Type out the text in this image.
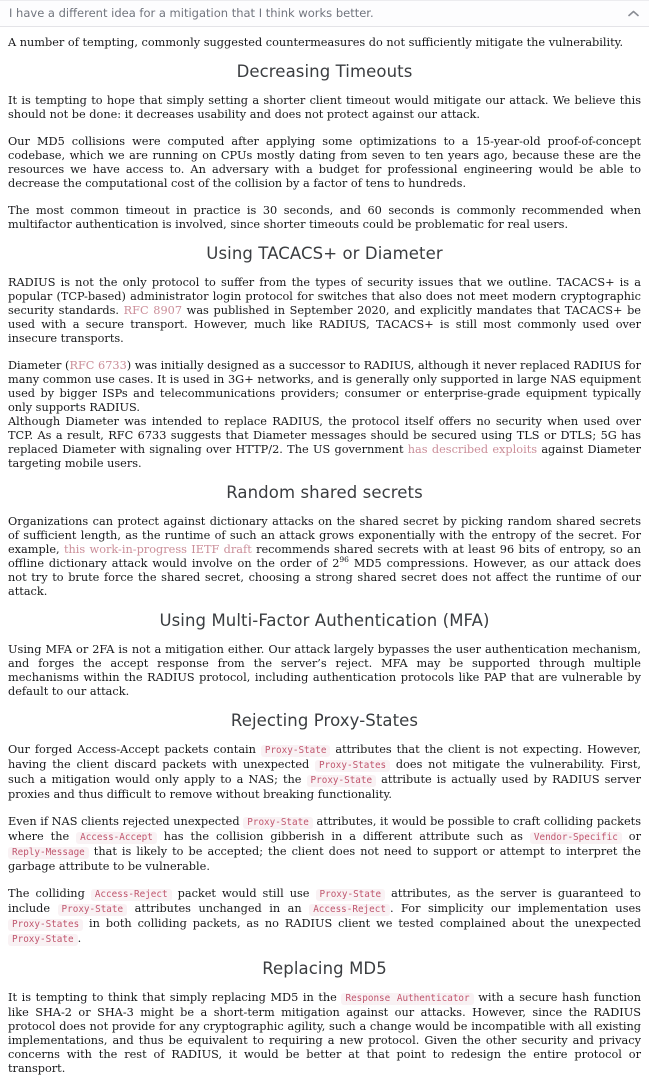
I have a different idea for a mitigation that I think works better.

A number of tempting, commonly suggested countermeasures do not sufficiently mitigate the vulnerability.

Decreasing Timeouts

It is tempting to hope that simply setting a shorter client timeout would mitigate our attack. We believe this should not be done: it decreases usability and does not protect against our attack.

Our MD5 collisions were computed after applying some optimizations to a 15-year-old proof-of-concept codebase, which we are running on CPUs mostly dating from seven to ten years ago, because these are the resources we have access to. An adversary with a budget for professional engineering would be able to decrease the computational cost of the collision by a factor of tens to hundreds.

The most common timeout in practice is 30 seconds, and 60 seconds is commonly recommended when multifactor authentication is involved, since shorter timeouts could be problematic for real users.

Using TACACS+ or Diameter

RADIUS is not the only protocol to suffer from the types of security issues that we outline. TACACS+ is a popular (TCP-based) administrator login protocol for switches that also does not meet modern cryptographic security standards. RFC 8907 was published in September 2020, and explicitly mandates that TACACS+ be used with a secure transport. However, much like RADIUS, TACACS+ is still most commonly used over insecure transports.

Diameter (RFC 6733) was initially designed as a successor to RADIUS, although it never replaced RADIUS for many common use cases. It is used in 3G+ networks, and is generally only supported in large NAS equipment used by bigger ISPs and telecommunications providers; consumer or enterprise-grade equipment typically only supports RADIUS.

Although Diameter was intended to replace RADIUS, the protocol itself offers no security when used over TCP. As a result, RFC 6733 suggests that Diameter messages should be secured using TLS or DTLS; 5G has replaced Diameter with signaling over HTTP/2. The US government has described exploits against Diameter targeting mobile users.

Random shared secrets

Organizations can protect against dictionary attacks on the shared secret by picking random shared secrets of sufficient length, as the runtime of such an attack grows exponentially with the entropy of the secret. For example, this work-in-progress IETF draft recommends shared secrets with at least 96 bits of entropy, so an offline dictionary attack would involve on the order of $2^{96}$ MD5 compressions. However, as our attack does not try to brute force the shared secret, choosing a strong shared secret does not affect the runtime of our attack.

Using Multi-Factor Authentication (MFA)

Using MFA or 2FA is not a mitigation either. Our attack largely bypasses the user authentication mechanism, and forges the accept response from the server’s reject. MFA may be supported through multiple mechanisms within the RADIUS protocol, including authentication protocols like PAP that are vulnerable by default to our attack.

Rejecting Proxy-States

Our forged Access-Accept packets contain Proxy-State attributes that the client is not expecting. However, having the client discard packets with unexpected Proxy-States does not mitigate the vulnerability. First, such a mitigation would only apply to a NAS; the Proxy-State attribute is actually used by RADIUS server proxies and thus difficult to remove without breaking functionality.

Even if NAS clients rejected unexpected Proxy-State attributes, it would be possible to craft colliding packets where the Access-Accept has the collision gibberish in a different attribute such as Vendor-Specific or Reply-Message that is likely to be accepted; the client does not need to support or attempt to interpret the garbage attribute to be vulnerable.

The colliding Access-Reject packet would still use Proxy-State attributes, as the server is guaranteed to include Proxy-State attributes unchanged in an Access-Reject . For simplicity our implementation uses Proxy-States in both colliding packets, as no RADIUS client we tested complained about the unexpected Proxy-State .

Replacing MD5

It is tempting to think that simply replacing MD5 in the Response Authenticator with a secure hash function like SHA-2 or SHA-3 might be a short-term mitigation against our attacks. However, since the RADIUS protocol does not provide for any cryptographic agility, such a change would be incompatible with all existing implementations, and thus be equivalent to requiring a new protocol. Given the other security and privacy concerns with the rest of RADIUS, it would be better at that point to redesign the entire protocol or transport.
